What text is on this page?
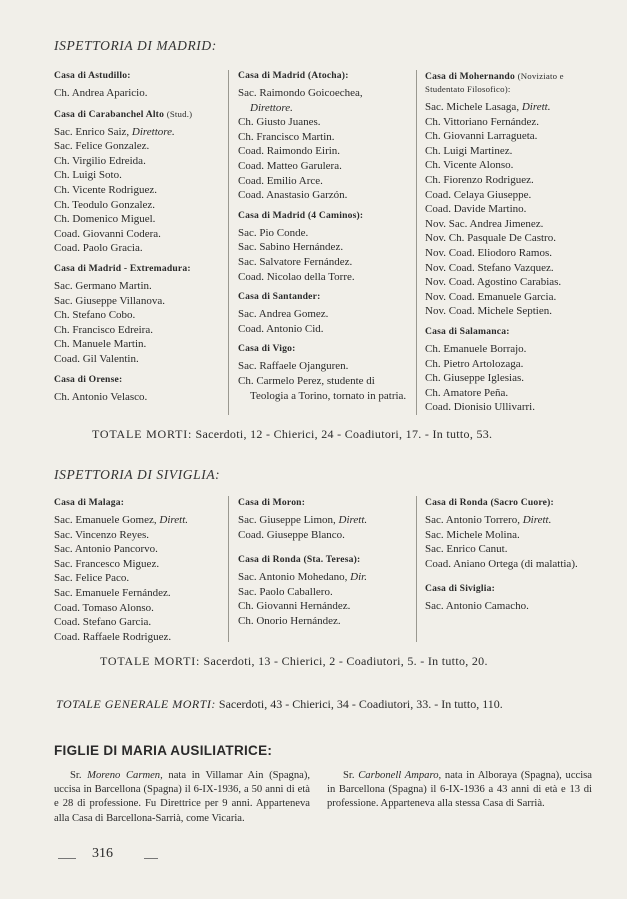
ISPETTORIA DI MADRID:
Casa di Astudillo:
Ch. Andrea Aparicio.
Casa di Carabanchel Alto (Stud.)
Sac. Enrico Saiz, Direttore.
Sac. Felice Gonzalez.
Ch. Virgilio Edreida.
Ch. Luigi Soto.
Ch. Vicente Rodriguez.
Ch. Teodulo Gonzalez.
Ch. Domenico Miguel.
Coad. Giovanni Codera.
Coad. Paolo Gracia.
Casa di Madrid - Extremadura:
Sac. Germano Martin.
Sac. Giuseppe Villanova.
Ch. Stefano Cobo.
Ch. Francisco Edreira.
Ch. Manuele Martin.
Coad. Gil Valentin.
Casa di Orense:
Ch. Antonio Velasco.
Casa di Madrid (Atocha):
Sac. Raimondo Goicoechea,
Direttore.
Ch. Giusto Juanes.
Ch. Francisco Martin.
Coad. Raimondo Eirin.
Coad. Matteo Garulera.
Coad. Emilio Arce.
Coad. Anastasio Garzón.
Casa di Madrid (4 Caminos):
Sac. Pio Conde.
Sac. Sabino Hernández.
Sac. Salvatore Fernández.
Coad. Nicolao della Torre.
Casa di Santander:
Sac. Andrea Gomez.
Coad. Antonio Cid.
Casa di Vigo:
Sac. Raffaele Ojanguren.
Ch. Carmelo Perez, studente di Teologia a Torino, tornato in patria.
Casa di Mohernando (Noviziato e Studentato Filosofico):
Sac. Michele Lasaga, Dirett.
Ch. Vittoriano Fernández.
Ch. Giovanni Larragueta.
Ch. Luigi Martinez.
Ch. Vicente Alonso.
Ch. Fiorenzo Rodriguez.
Coad. Celaya Giuseppe.
Coad. Davide Martino.
Nov. Sac. Andrea Jimenez.
Nov. Ch. Pasquale De Castro.
Nov. Coad. Eliodoro Ramos.
Nov. Coad. Stefano Vazquez.
Nov. Coad. Agostino Carabias.
Nov. Coad. Emanuele Garcia.
Nov. Coad. Michele Septien.
Casa di Salamanca:
Ch. Emanuele Borrajo.
Ch. Pietro Artolozaga.
Ch. Giuseppe Iglesias.
Ch. Amatore Peña.
Coad. Dionisio Ullivarri.
TOTALE MORTI: Sacerdoti, 12 - Chierici, 24 - Coadiutori, 17. - In tutto, 53.
ISPETTORIA DI SIVIGLIA:
Casa di Malaga:
Sac. Emanuele Gomez, Dirett.
Sac. Vincenzo Reyes.
Sac. Antonio Pancorvo.
Sac. Francesco Miguez.
Sac. Felice Paco.
Sac. Emanuele Fernández.
Coad. Tomaso Alonso.
Coad. Stefano Garcia.
Coad. Raffaele Rodriguez.
Casa di Moron:
Sac. Giuseppe Limon, Dirett.
Coad. Giuseppe Blanco.
Casa di Ronda (Sta. Teresa):
Sac. Antonio Mohedano, Dir.
Sac. Paolo Caballero.
Ch. Giovanni Hernández.
Ch. Onorio Hernández.
Casa di Ronda (Sacro Cuore):
Sac. Antonio Torrero, Dirett.
Sac. Michele Molina.
Sac. Enrico Canut.
Coad. Aniano Ortega (di malattia).
Casa di Siviglia:
Sac. Antonio Camacho.
TOTALE MORTI: Sacerdoti, 13 - Chierici, 2 - Coadiutori, 5. - In tutto, 20.
TOTALE GENERALE MORTI: Sacerdoti, 43 - Chierici, 34 - Coadiutori, 33. - In tutto, 110.
FIGLIE DI MARIA AUSILIATRICE:
Sr. Moreno Carmen, nata in Villamar Ain (Spagna), uccisa in Barcellona (Spagna) il 6-IX-1936, a 50 anni di età e 28 di professione. Fu Direttrice per 9 anni. Apparteneva alla Casa di Barcellona-Sarrià, come Vicaria.
Sr. Carbonell Amparo, nata in Alboraya (Spagna), uccisa in Barcellona (Spagna) il 6-IX-1936 a 43 anni di età e 13 di professione. Apparteneva alla stessa Casa di Sarrià.
316
